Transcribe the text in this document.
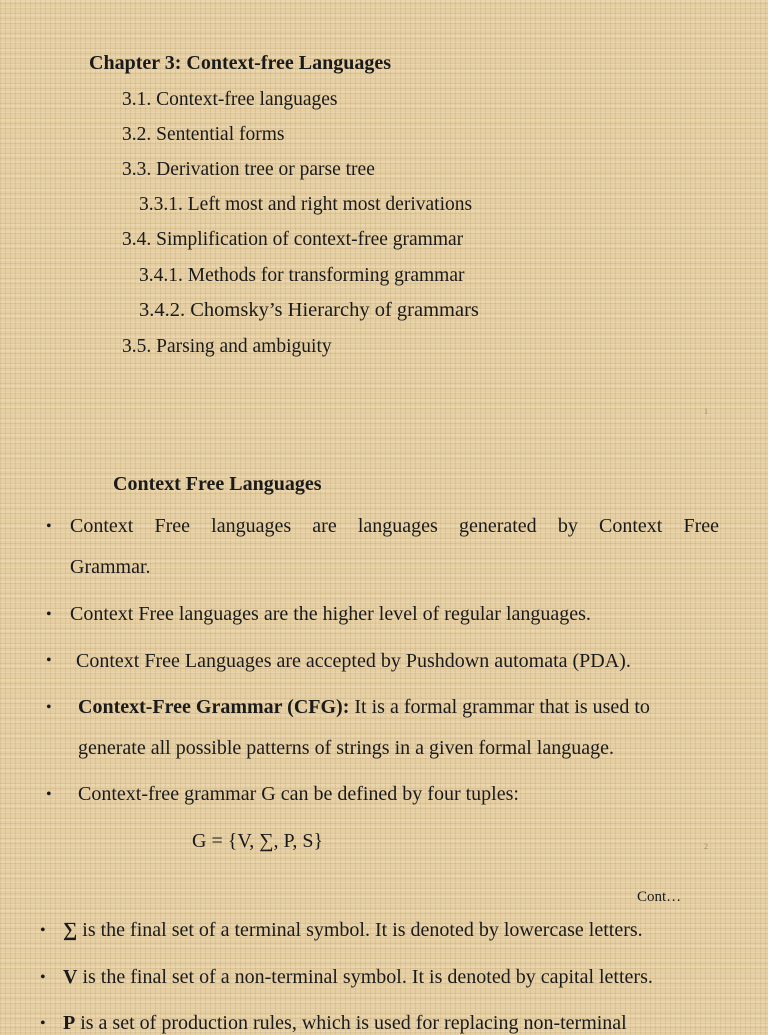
Chapter 3: Context-free Languages
3.1. Context-free languages
3.2. Sentential forms
3.3. Derivation tree or parse tree
3.3.1. Left most and right most derivations
3.4. Simplification of context-free grammar
3.4.1. Methods for transforming grammar
3.4.2. Chomsky’s Hierarchy of grammars
3.5. Parsing and ambiguity
1
Context Free Languages
• Context Free languages are languages generated by Context Free
Grammar.
• Context Free languages are the higher level of regular languages.
• Context Free Languages are accepted by Pushdown automata (PDA).
• Context-Free Grammar (CFG): It is a formal grammar that is used to
generate all possible patterns of strings in a given formal language.
• Context-free grammar G can be defined by four tuples:
G = {V, ∑, P, S}	2
Cont…
• ∑ is the final set of a terminal symbol. It is denoted by lowercase letters.
• V is the final set of a non-terminal symbol. It is denoted by capital letters.
• P is a set of production rules, which is used for replacing non-terminal
